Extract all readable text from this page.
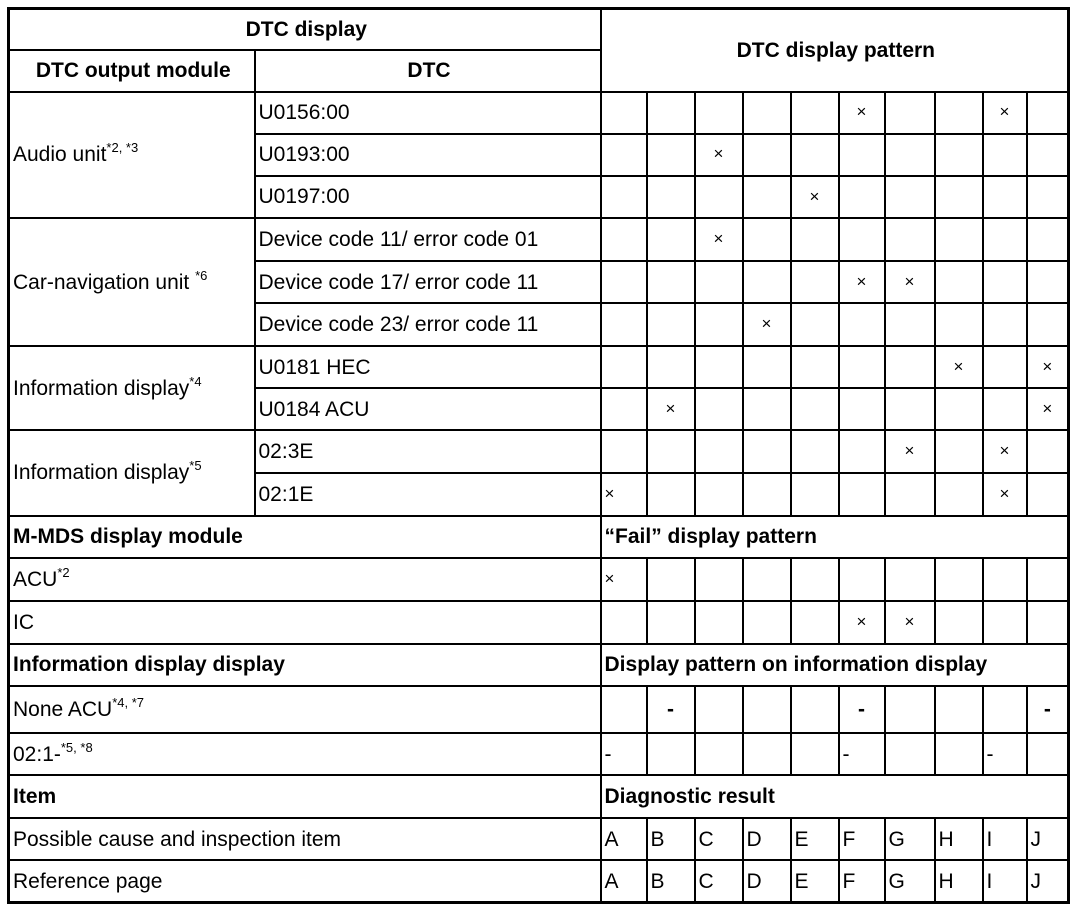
DTC display		DTC display pattern									
DTC output module	DTC										
Audio unit$^{*2, *3}$	U0156:00						×			×	
	U0193:00			×							
	U0197:00					×					
Car-navigation unit $^{*6}$	Device code 11/ error code 01			×							
	Device code 17/ error code 11						×	×			
	Device code 23/ error code 11				×						
Information display$^{*4}$	U0181 HEC								×		×
	U0184 ACU		×								×
Information display$^{*5}$	02:3E							×		×	
	02:1E	×								×	
M-MDS display module		“Fail” display pattern									
ACU$^{*2}$		×									
IC							×	×			
Information display display		Display pattern on information display									
None $ACU^{*4, *7}$			-				-				-
02:1-$^{*5, *8}$		-					-			-	
Item		Diagnostic result									
Possible cause and inspection item		A	B	C	D	E	F	G	H	I	J
Reference page		A	B	C	D	E	F	G	H	I	J
